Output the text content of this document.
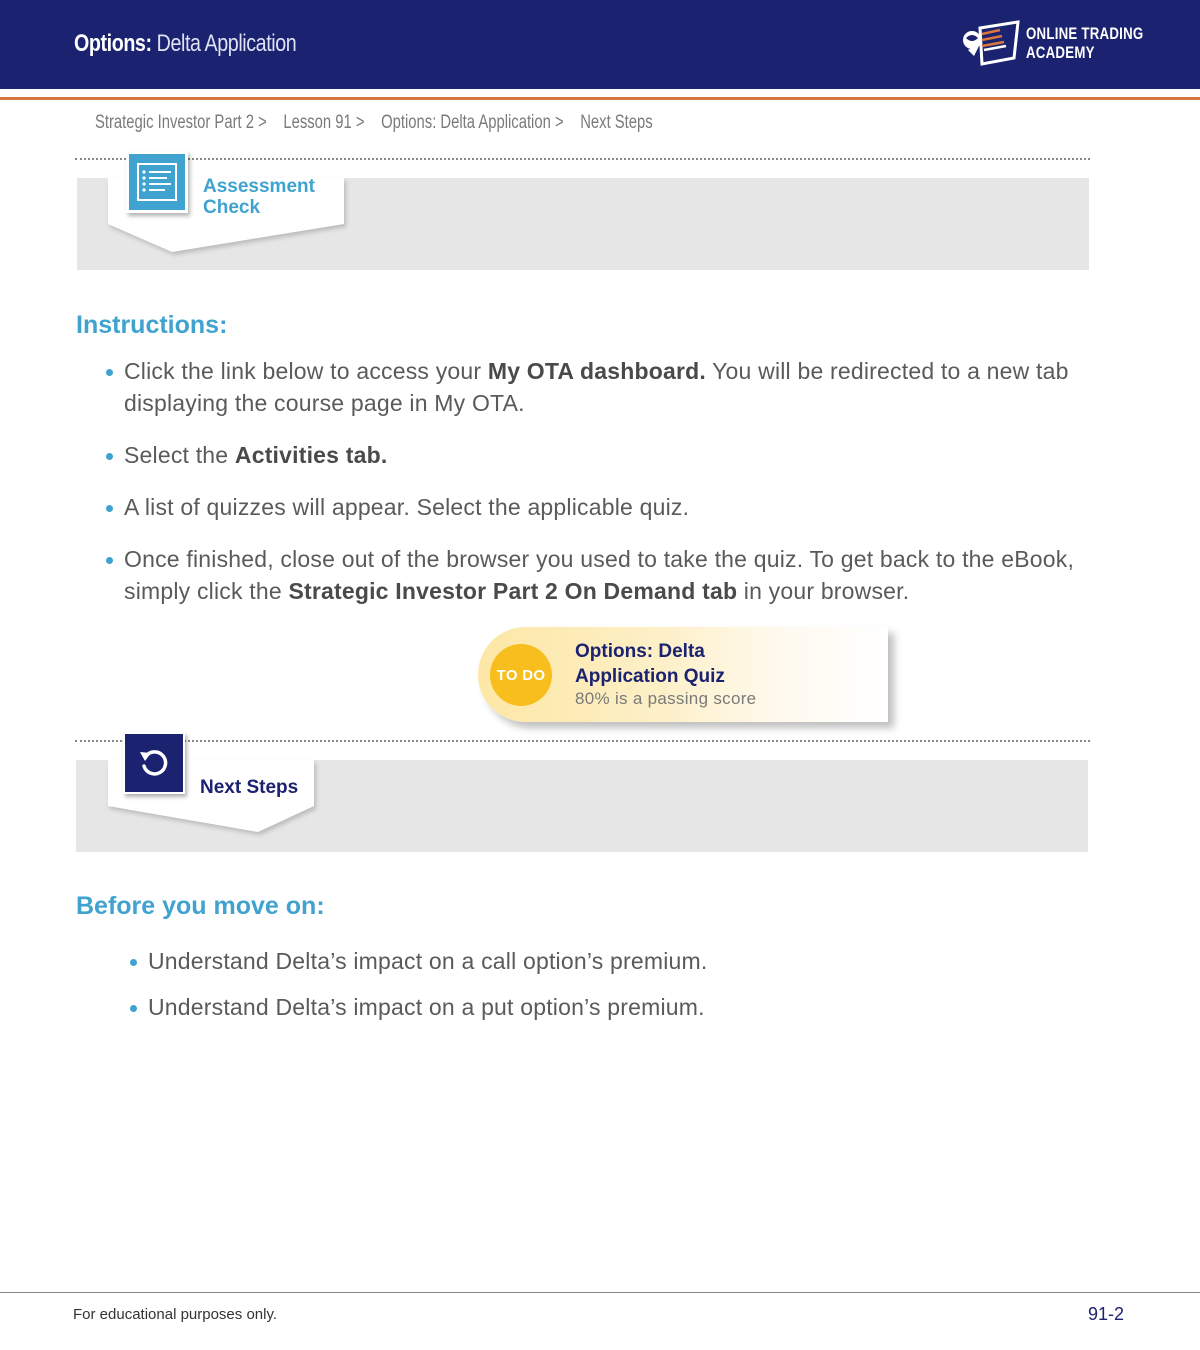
Options: Delta Application	ONLINE TRADING
ACADEMY
Strategic Investor Part 2 > Lesson 91 > Options: Delta Application > Next Steps
Assessment
Check
Instructions:
Click the link below to access your My OTA dashboard. You will be redirected to a new tab displaying the course page in My OTA.
Select the Activities tab.
A list of quizzes will appear. Select the applicable quiz.
Once finished, close out of the browser you used to take the quiz. To get back to the eBook, simply click the Strategic Investor Part 2 On Demand tab in your browser.
TO DO
Options: Delta
Application Quiz
80% is a passing score
Next Steps
Before you move on:
Understand Delta’s impact on a call option’s premium.
Understand Delta’s impact on a put option’s premium.
For educational purposes only.	91-2
